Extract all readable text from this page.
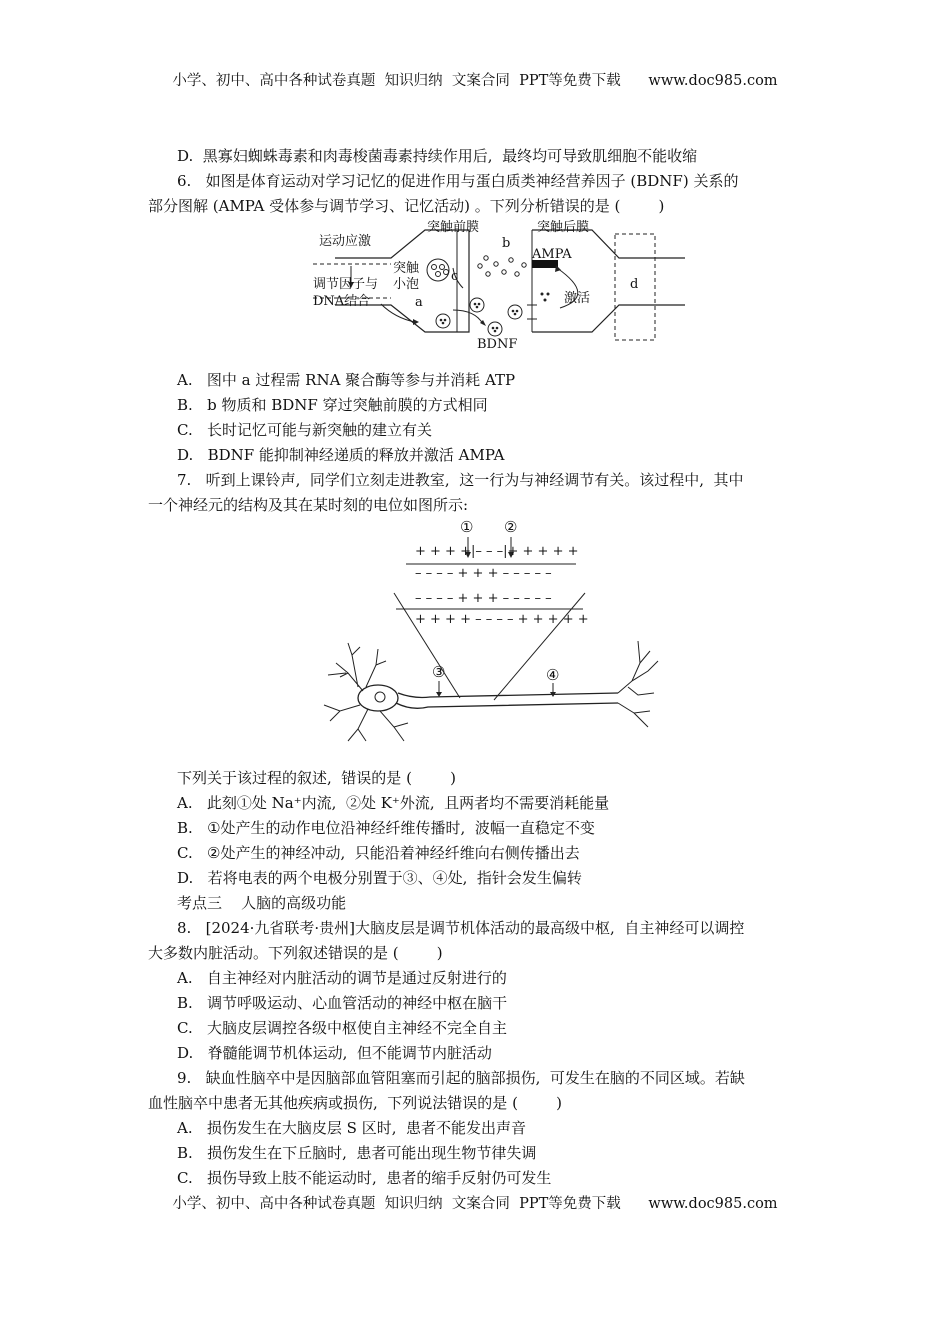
小学、初中、高中各种试卷真题  知识归纳  文案合同  PPT等免费下载      www.doc985.com
D.  黑寡妇蜘蛛毒素和肉毒梭菌毒素持续作用后,  最终均可导致肌细胞不能收缩
6.   如图是体育运动对学习记忆的促进作用与蛋白质类神经营养因子 (BDNF) 关系的
部分图解 (AMPA 受体参与调节学习、记忆活动) 。下列分析错误的是 (        )
运动应激
突触前膜	突触后膜
调节因子与
DNA结合
突触
小泡
a
b
c
AMPA
激活
d
BDNF
A.   图中 a 过程需 RNA 聚合酶等参与并消耗 ATP
B.   b 物质和 BDNF 穿过突触前膜的方式相同
C.   长时记忆可能与新突触的建立有关
D.   BDNF 能抑制神经递质的释放并激活 AMPA
7.   听到上课铃声,  同学们立刻走进教室,  这一行为与神经调节有关。该过程中,  其中
一个神经元的结构及其在某时刻的电位如图所示:
① ②
+ + + +|– – –|+ + + + +
– – – – + + + – – – – –
– – – – + + + – – – – –
+ + + + – – – – + + + + +
③	④
下列关于该过程的叙述,  错误的是 (        )
A.   此刻①处 Na⁺内流,  ②处 K⁺外流,  且两者均不需要消耗能量
B.   ①处产生的动作电位沿神经纤维传播时,  波幅一直稳定不变
C.   ②处产生的神经冲动,  只能沿着神经纤维向右侧传播出去
D.   若将电表的两个电极分别置于③、④处,  指针会发生偏转
考点三    人脑的高级功能
8.   [2024·九省联考·贵州]大脑皮层是调节机体活动的最高级中枢,  自主神经可以调控
大多数内脏活动。下列叙述错误的是 (        )
A.   自主神经对内脏活动的调节是通过反射进行的
B.   调节呼吸运动、心血管活动的神经中枢在脑干
C.   大脑皮层调控各级中枢使自主神经不完全自主
D.   脊髓能调节机体运动,  但不能调节内脏活动
9.   缺血性脑卒中是因脑部血管阻塞而引起的脑部损伤,  可发生在脑的不同区域。若缺
血性脑卒中患者无其他疾病或损伤,  下列说法错误的是 (        )
A.   损伤发生在大脑皮层 S 区时,  患者不能发出声音
B.   损伤发生在下丘脑时,  患者可能出现生物节律失调
C.   损伤导致上肢不能运动时,  患者的缩手反射仍可发生
小学、初中、高中各种试卷真题  知识归纳  文案合同  PPT等免费下载      www.doc985.com
